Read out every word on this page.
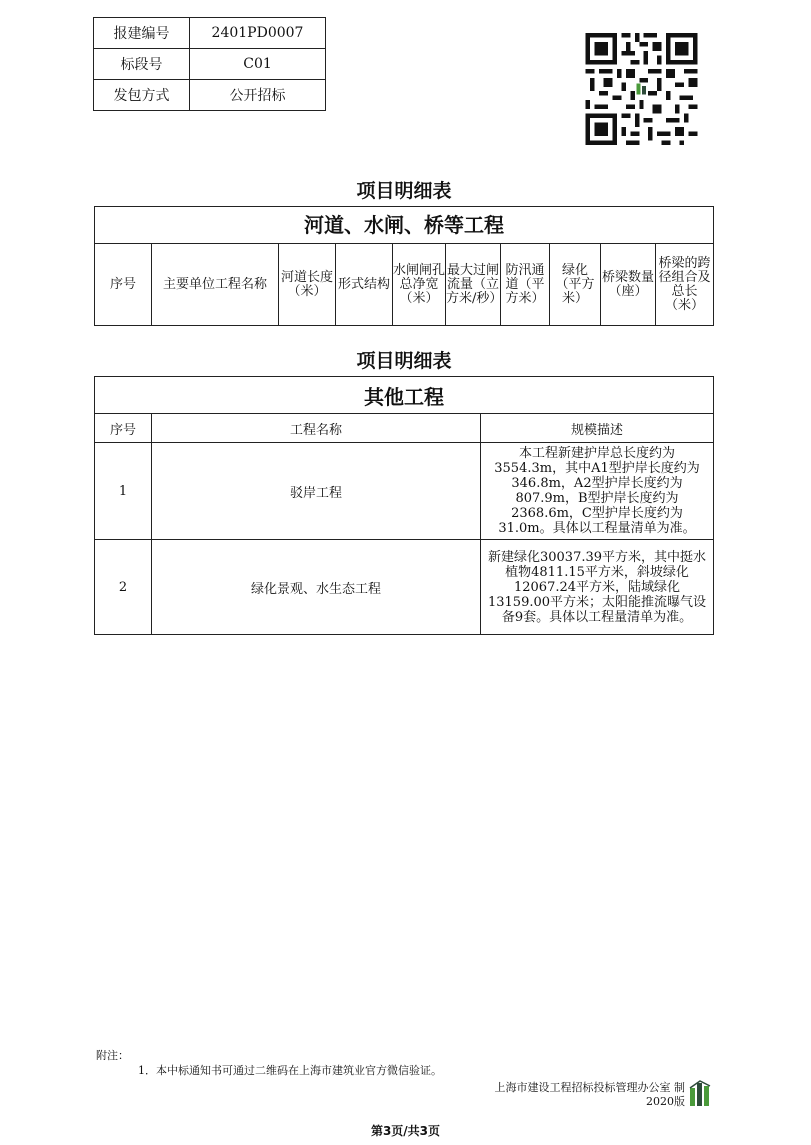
报建编号	2401PD0007
标段号	C01
发包方式	公开招标
项目明细表
河道、水闸、桥等工程
序号	主要单位工程名称	河道长度（米）	形式结构	水闸闸孔总净宽（米）	最大过闸流量（立方米/秒）	防汛通道（平方米）	绿化（平方米）	桥梁数量（座）	桥梁的跨径组合及总长（米）
项目明细表
其他工程		
序号	工程名称	规模描述
1	驳岸工程	本工程新建护岸总长度约为3554.3m，其中A1型护岸长度约为346.8m，A2型护岸长度约为807.9m，B型护岸长度约为2368.6m，C型护岸长度约为31.0m。具体以工程量清单为准。
2	绿化景观、水生态工程	新建绿化30037.39平方米，其中挺水植物4811.15平方米，斜坡绿化12067.24平方米，陆域绿化13159.00平方米；太阳能推流曝气设备9套。具体以工程量清单为准。
附注：
1．本中标通知书可通过二维码在上海市建筑业官方微信验证。
上海市建设工程招标投标管理办公室 制
2020版
第3页/共3页
